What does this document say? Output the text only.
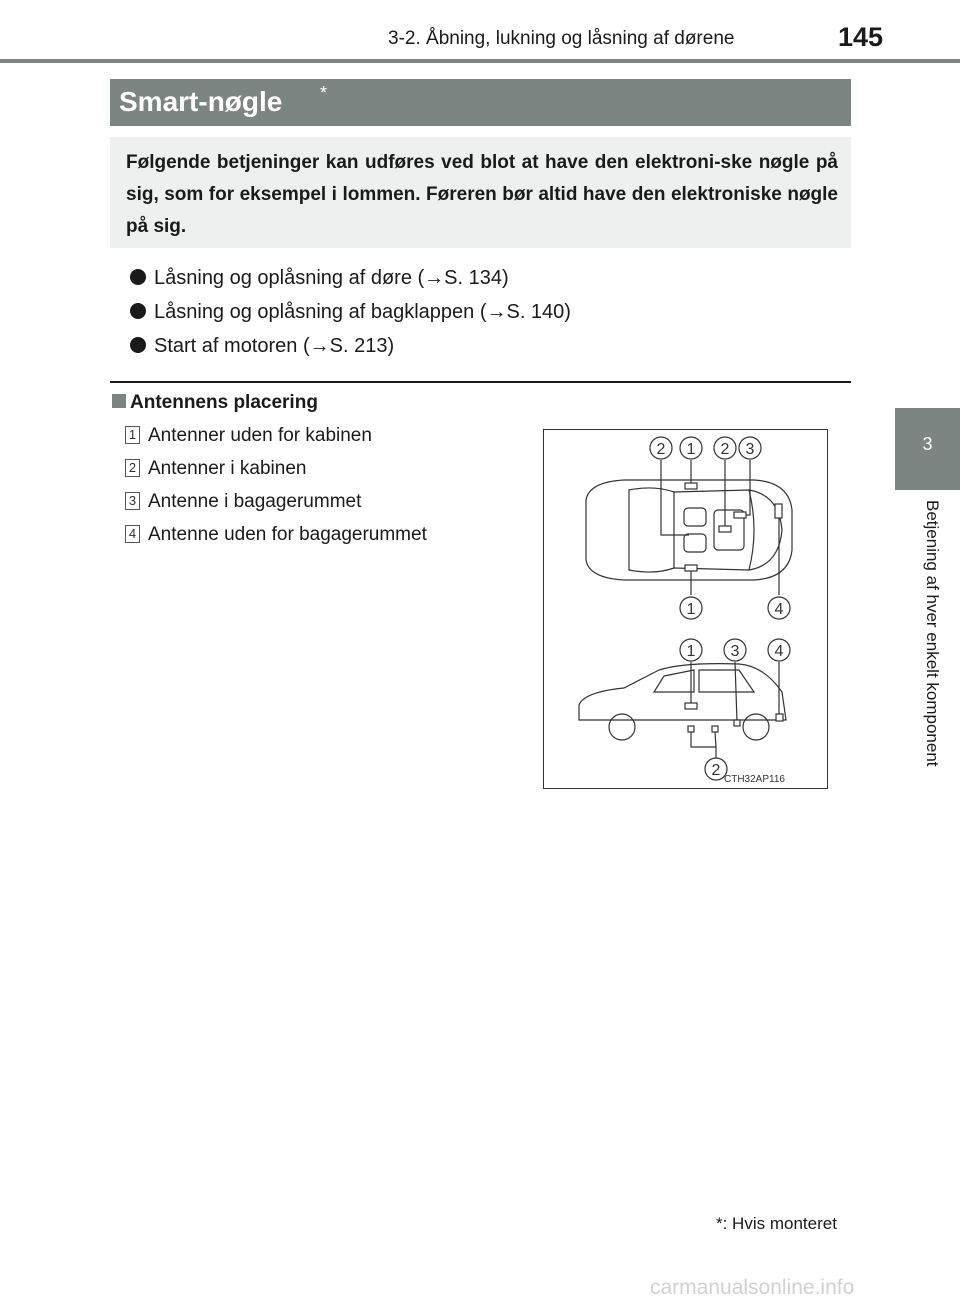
3-2. Åbning, lukning og låsning af dørene	145
3
Betjening af hver enkelt komponent
Smart-nøgle *

Følgende betjeninger kan udføres ved blot at have den elektroni-ske nøgle på sig, som for eksempel i lommen. Føreren bør altid have den elektroniske nøgle på sig.

Låsning og oplåsning af døre (→S. 134)
Låsning og oplåsning af bagklappen (→S. 140)
Start af motoren (→S. 213)
Antennens placering
1 Antenner uden for kabinen
2 Antenner i kabinen
3 Antenne i bagagerummet
4 Antenne uden for bagagerummet
2 1 2 3
1	4
1 3 4
2
CTH32AP116
*: Hvis monteret
carmanualsonline.info
